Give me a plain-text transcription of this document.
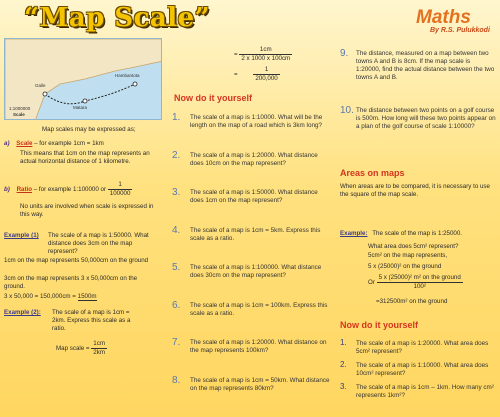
“Map Scale”	Maths
By R.S. Pulukkodi
Galle
Matara
Hambantota
1:1000000
Scale
Map scales may be expressed as;
a) Scale – for example 1cm = 1km
This means that 1cm on the map represents an actual horizontal distance of 1 kilometre.
b) Ratio – for example 1:100000 or $\frac{1}{100000}$
No units are involved when scale is expressed in this way.
Example (1)	The scale of a map is 1:50000. What distance does 3cm on the map represent?
1cm on the map represents 50,000cm on the ground
3cm on the map represents 3 x 50,000cm on the ground.
3 x 50,000 = 150,000cm = 1500m
Example (2):	The scale of a map is 1cm = 2km. Express this scale as a ratio.
Map scale = $\frac{1cm}{2km}$
= $\frac{1cm}{2 x 1000 x 100cm}$
=	$\frac{1}{200,000}$
Now do it yourself
1.	The scale of a map is 1:10000. What will be the length on the map of a road which is 3km long?
2.	The scale of a map is 1:20000. What distance does 10cm on the map represent?
3.	The scale of a map is 1:50000. What distance does 1cm on the map represent?
4.	The scale of a map is 1cm = 5km. Express this scale as a ratio.
5.	The scale of a map is 1:100000. What distance does 30cm on the map represent?
6.	The scale of a map is 1cm = 100km. Express this scale as a ratio.
7.	The scale of a map is 1:20000. What distance on the map represents 100km?
8.	The scale of a map is 1cm = 50km. What distance on the map represents 80km?
9.	The distance, measured on a map between two towns A and B is 8cm. If the map scale is 1:20000, find the actual distance between the two towns A and B.
10. The distance between two points on a golf course is 500m. How long will these two points appear on a plan of the golf course of scale 1:10000?
Areas on maps
When areas are to be compared, it is necessary to use the square of the map scale.
Example: The scale of the map is 1:25000.
What area does 5cm² represent?
5cm² on the map represents,
5 x (25000)² on the ground
Or $\frac{\text{5 x (25000)² m² on the ground}}{\text{100²}}$
=312500m² on the ground
Now do it yourself
1.	The scale of a map is 1:20000. What area does 5cm² represent?
2.	The scale of a map is 1:10000. What area does 10cm² represent?
3.	The scale of a map is 1cm – 1km. How many cm² represents 1km²?
